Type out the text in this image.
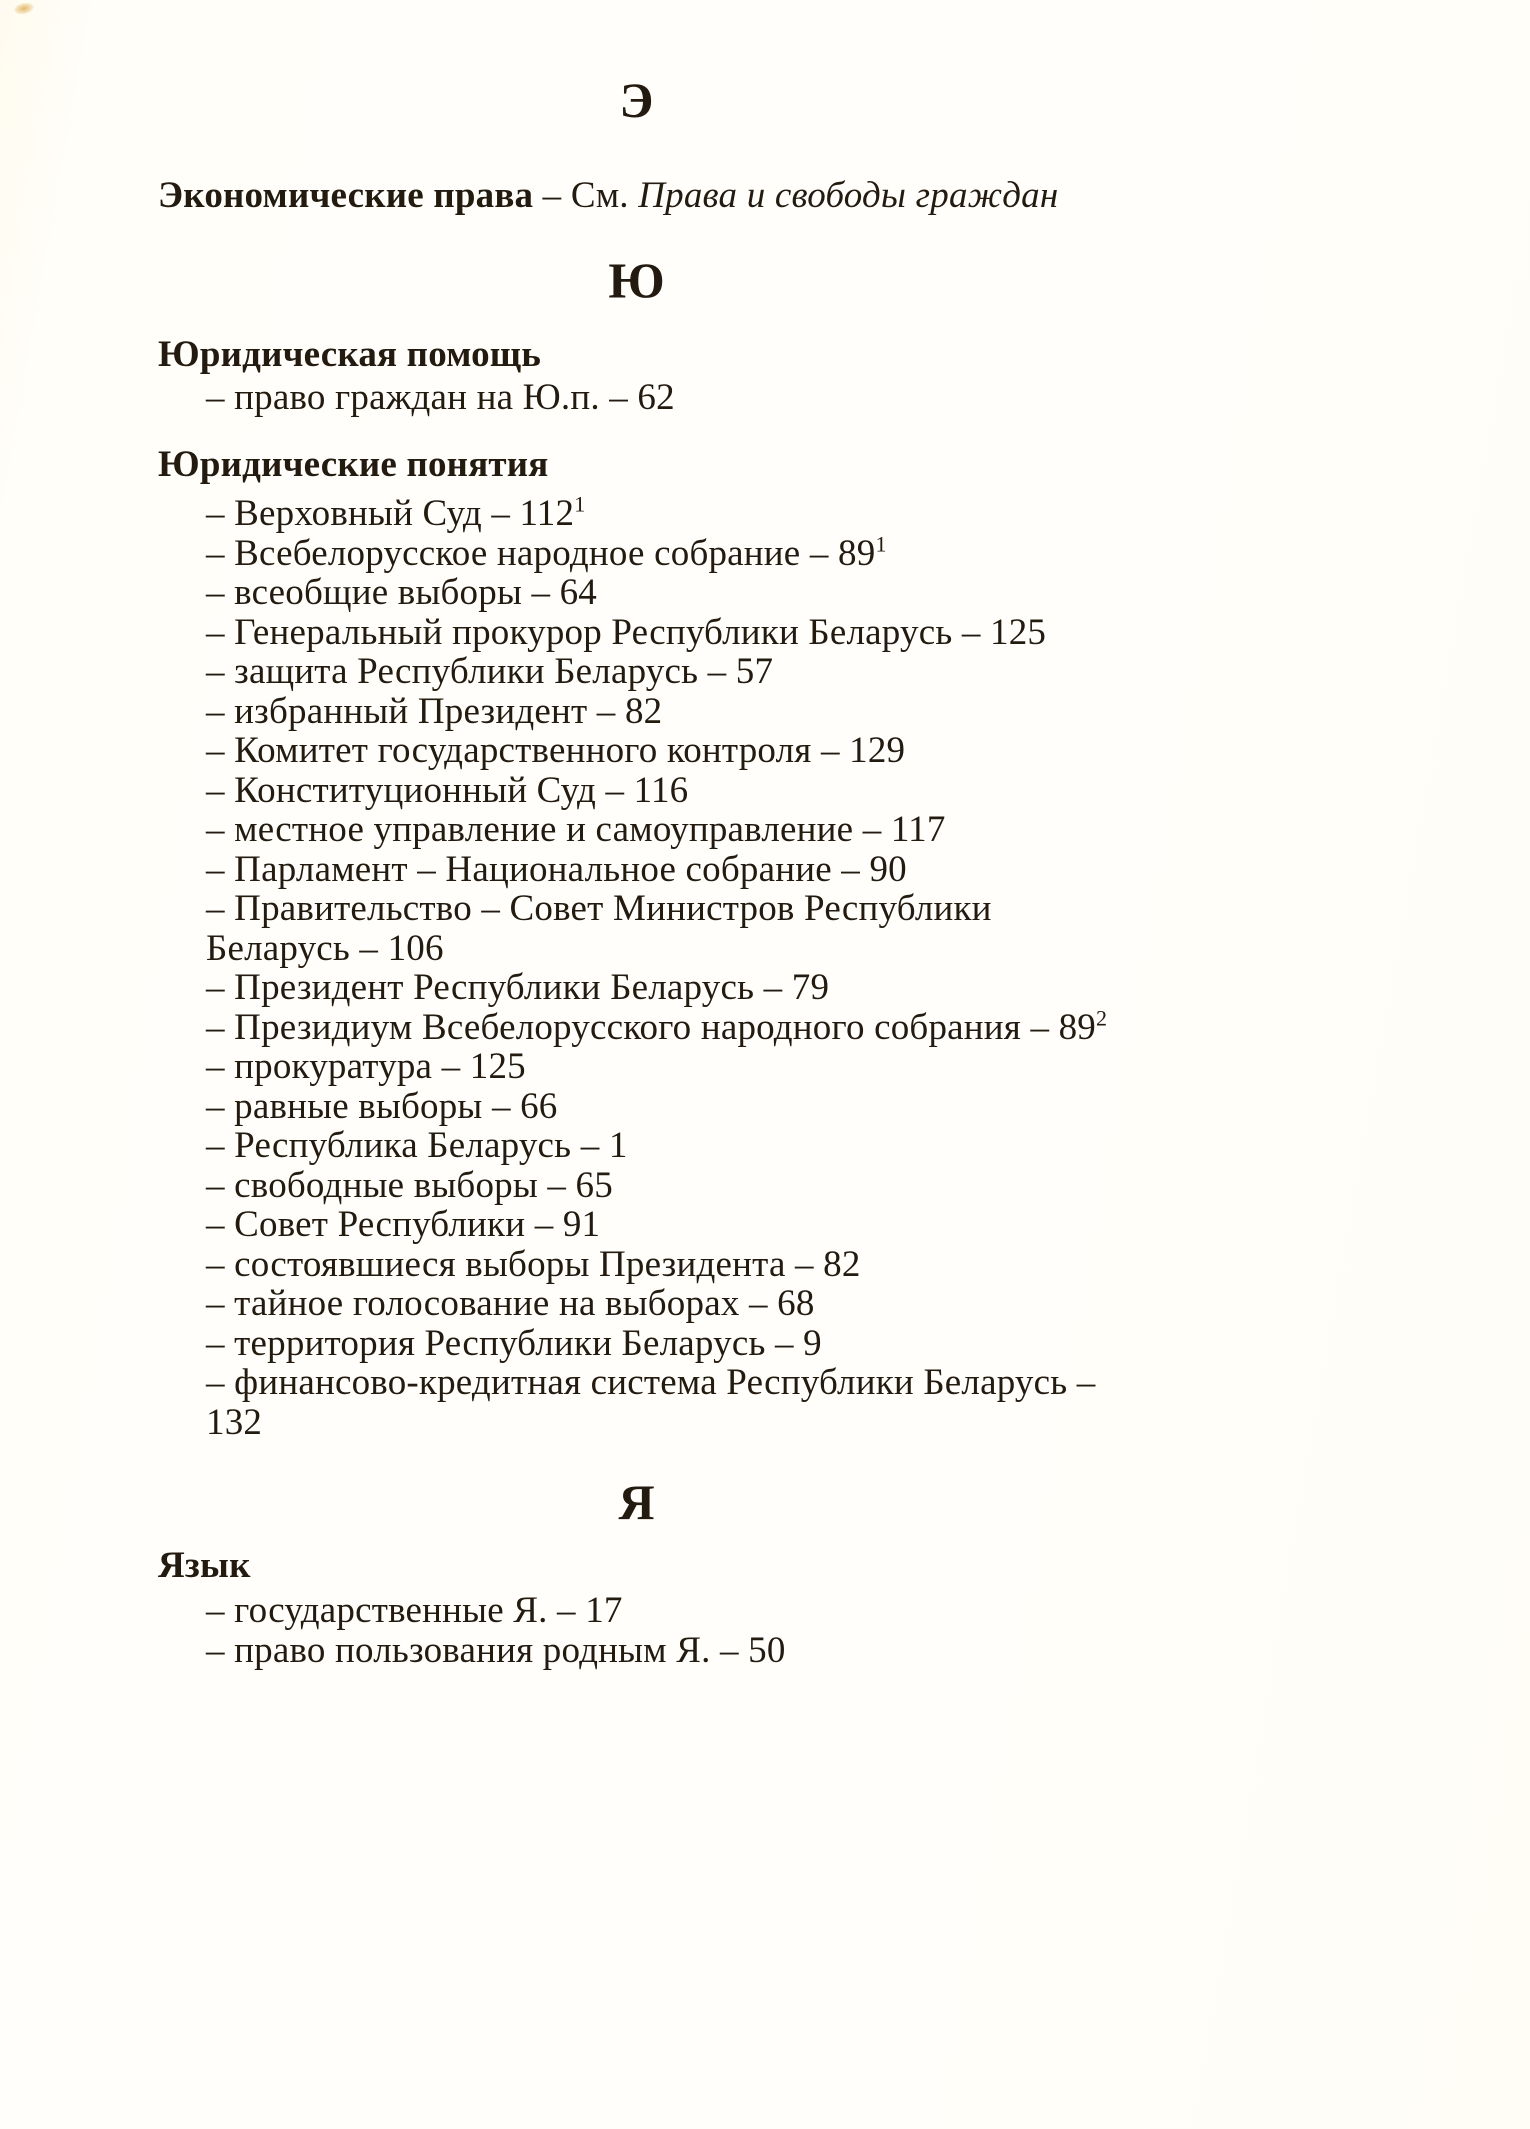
Э

Экономические права – См. Права и свободы граждан

Ю

Юридическая помощь

– право граждан на Ю.п. – 62

Юридические понятия

– Верховный Суд – $112^1$

– Всебелорусское народное собрание – $89^1$

– всеобщие выборы – 64

– Генеральный прокурор Республики Беларусь – 125

– защита Республики Беларусь – 57

– избранный Президент – 82

– Комитет государственного контроля – 129

– Конституционный Суд – 116

– местное управление и самоуправление – 117

– Парламент – Национальное собрание – 90

– Правительство – Совет Министров Республики Беларусь – 106

– Президент Республики Беларусь – 79

– Президиум Всебелорусского народного собрания – $89^2$

– прокуратура – 125

– равные выборы – 66

– Республика Беларусь – 1

– свободные выборы – 65

– Совет Республики – 91

– состоявшиеся выборы Президента – 82

– тайное голосование на выборах – 68

– территория Республики Беларусь – 9

– финансово-кредитная система Республики Беларусь – 132

Я

Язык

– государственные Я. – 17

– право пользования родным Я. – 50
